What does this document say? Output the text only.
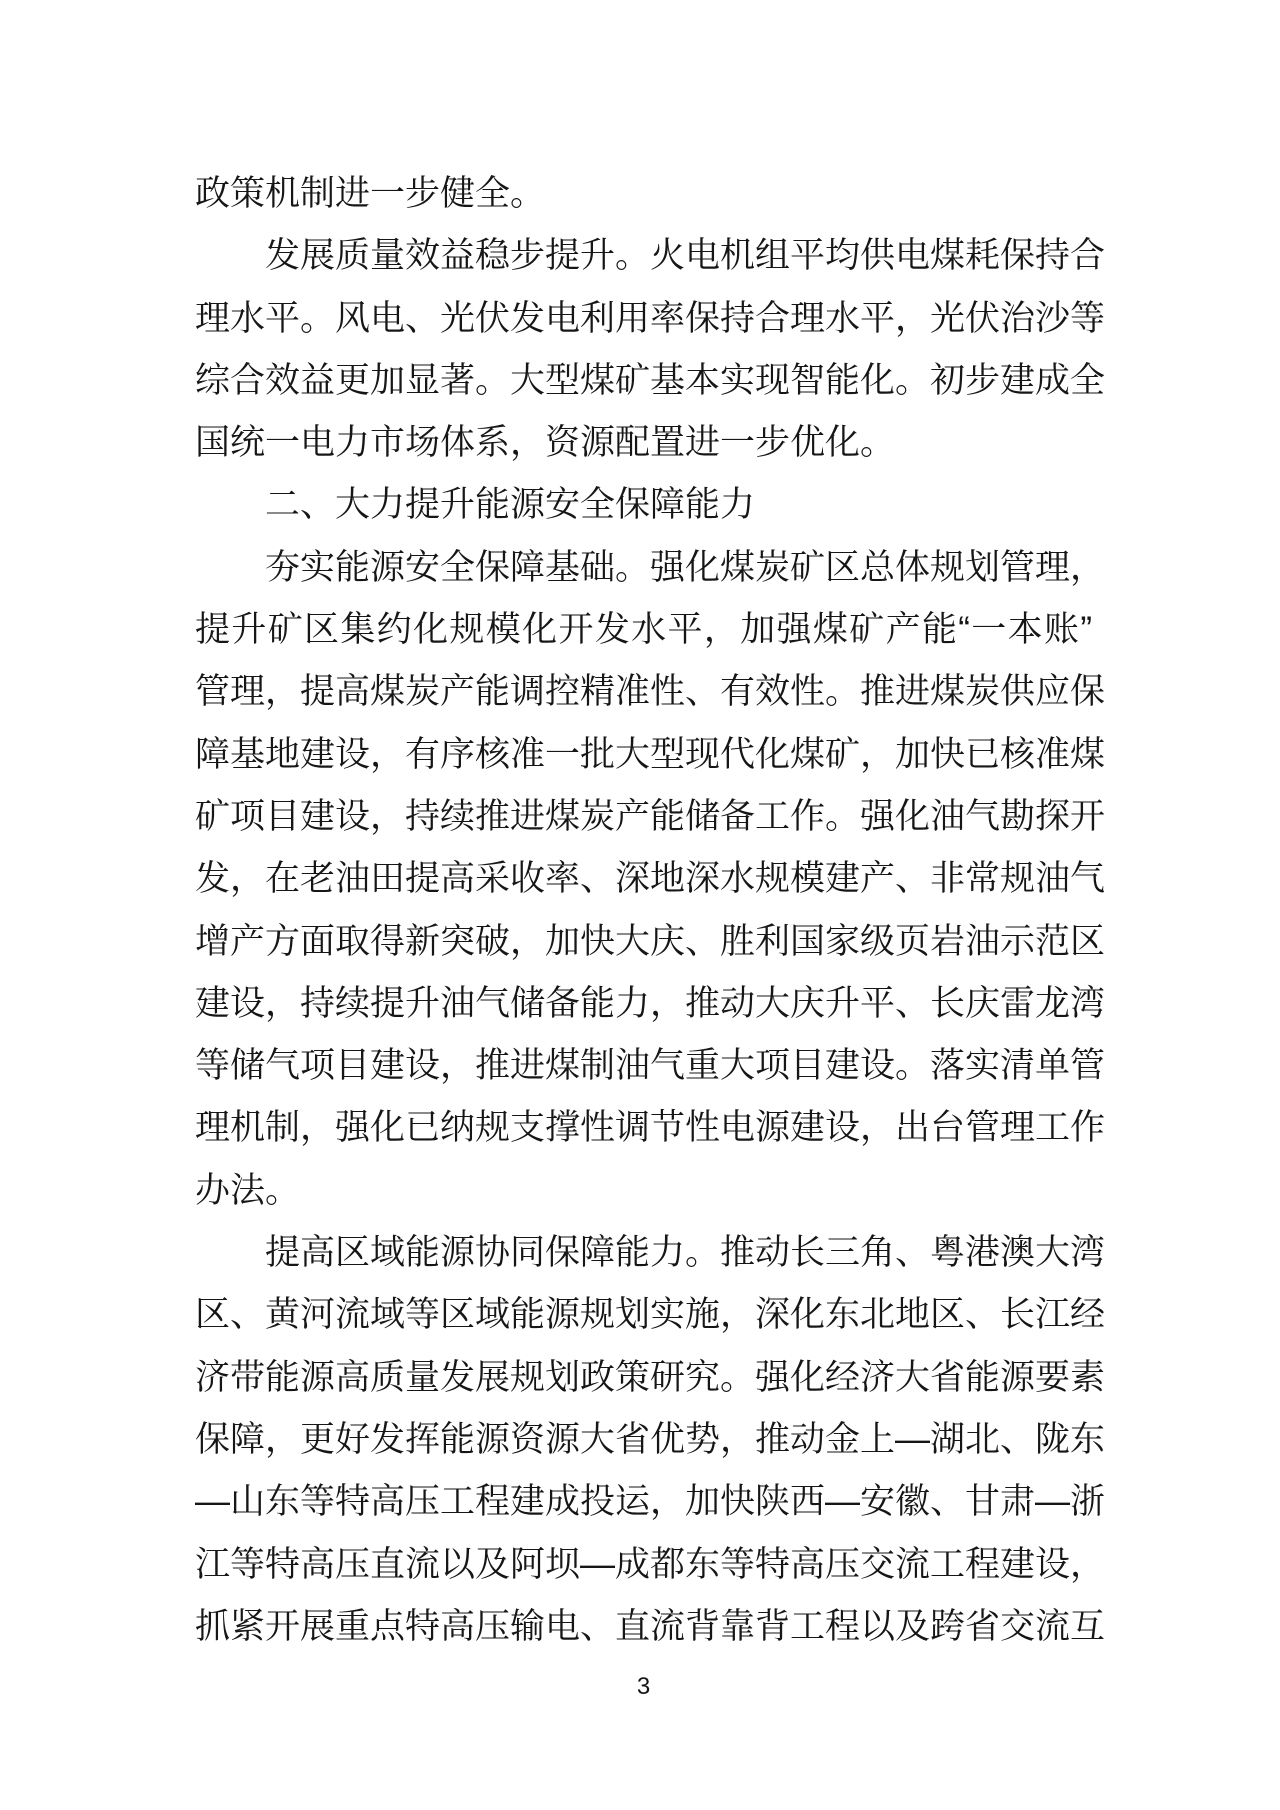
政策机制进一步健全。
发展质量效益稳步提升。火电机组平均供电煤耗保持合
理水平。风电、光伏发电利用率保持合理水平，光伏治沙等
综合效益更加显著。大型煤矿基本实现智能化。初步建成全
国统一电力市场体系，资源配置进一步优化。
二、大力提升能源安全保障能力
夯实能源安全保障基础。强化煤炭矿区总体规划管理，
提升矿区集约化规模化开发水平，加强煤矿产能“一本账”
管理，提高煤炭产能调控精准性、有效性。推进煤炭供应保
障基地建设，有序核准一批大型现代化煤矿，加快已核准煤
矿项目建设，持续推进煤炭产能储备工作。强化油气勘探开
发，在老油田提高采收率、深地深水规模建产、非常规油气
增产方面取得新突破，加快大庆、胜利国家级页岩油示范区
建设，持续提升油气储备能力，推动大庆升平、长庆雷龙湾
等储气项目建设，推进煤制油气重大项目建设。落实清单管
理机制，强化已纳规支撑性调节性电源建设，出台管理工作
办法。
提高区域能源协同保障能力。推动长三角、粤港澳大湾
区、黄河流域等区域能源规划实施，深化东北地区、长江经
济带能源高质量发展规划政策研究。强化经济大省能源要素
保障，更好发挥能源资源大省优势，推动金上—湖北、陇东
—山东等特高压工程建成投运，加快陕西—安徽、甘肃—浙
江等特高压直流以及阿坝—成都东等特高压交流工程建设，
抓紧开展重点特高压输电、直流背靠背工程以及跨省交流互
3
